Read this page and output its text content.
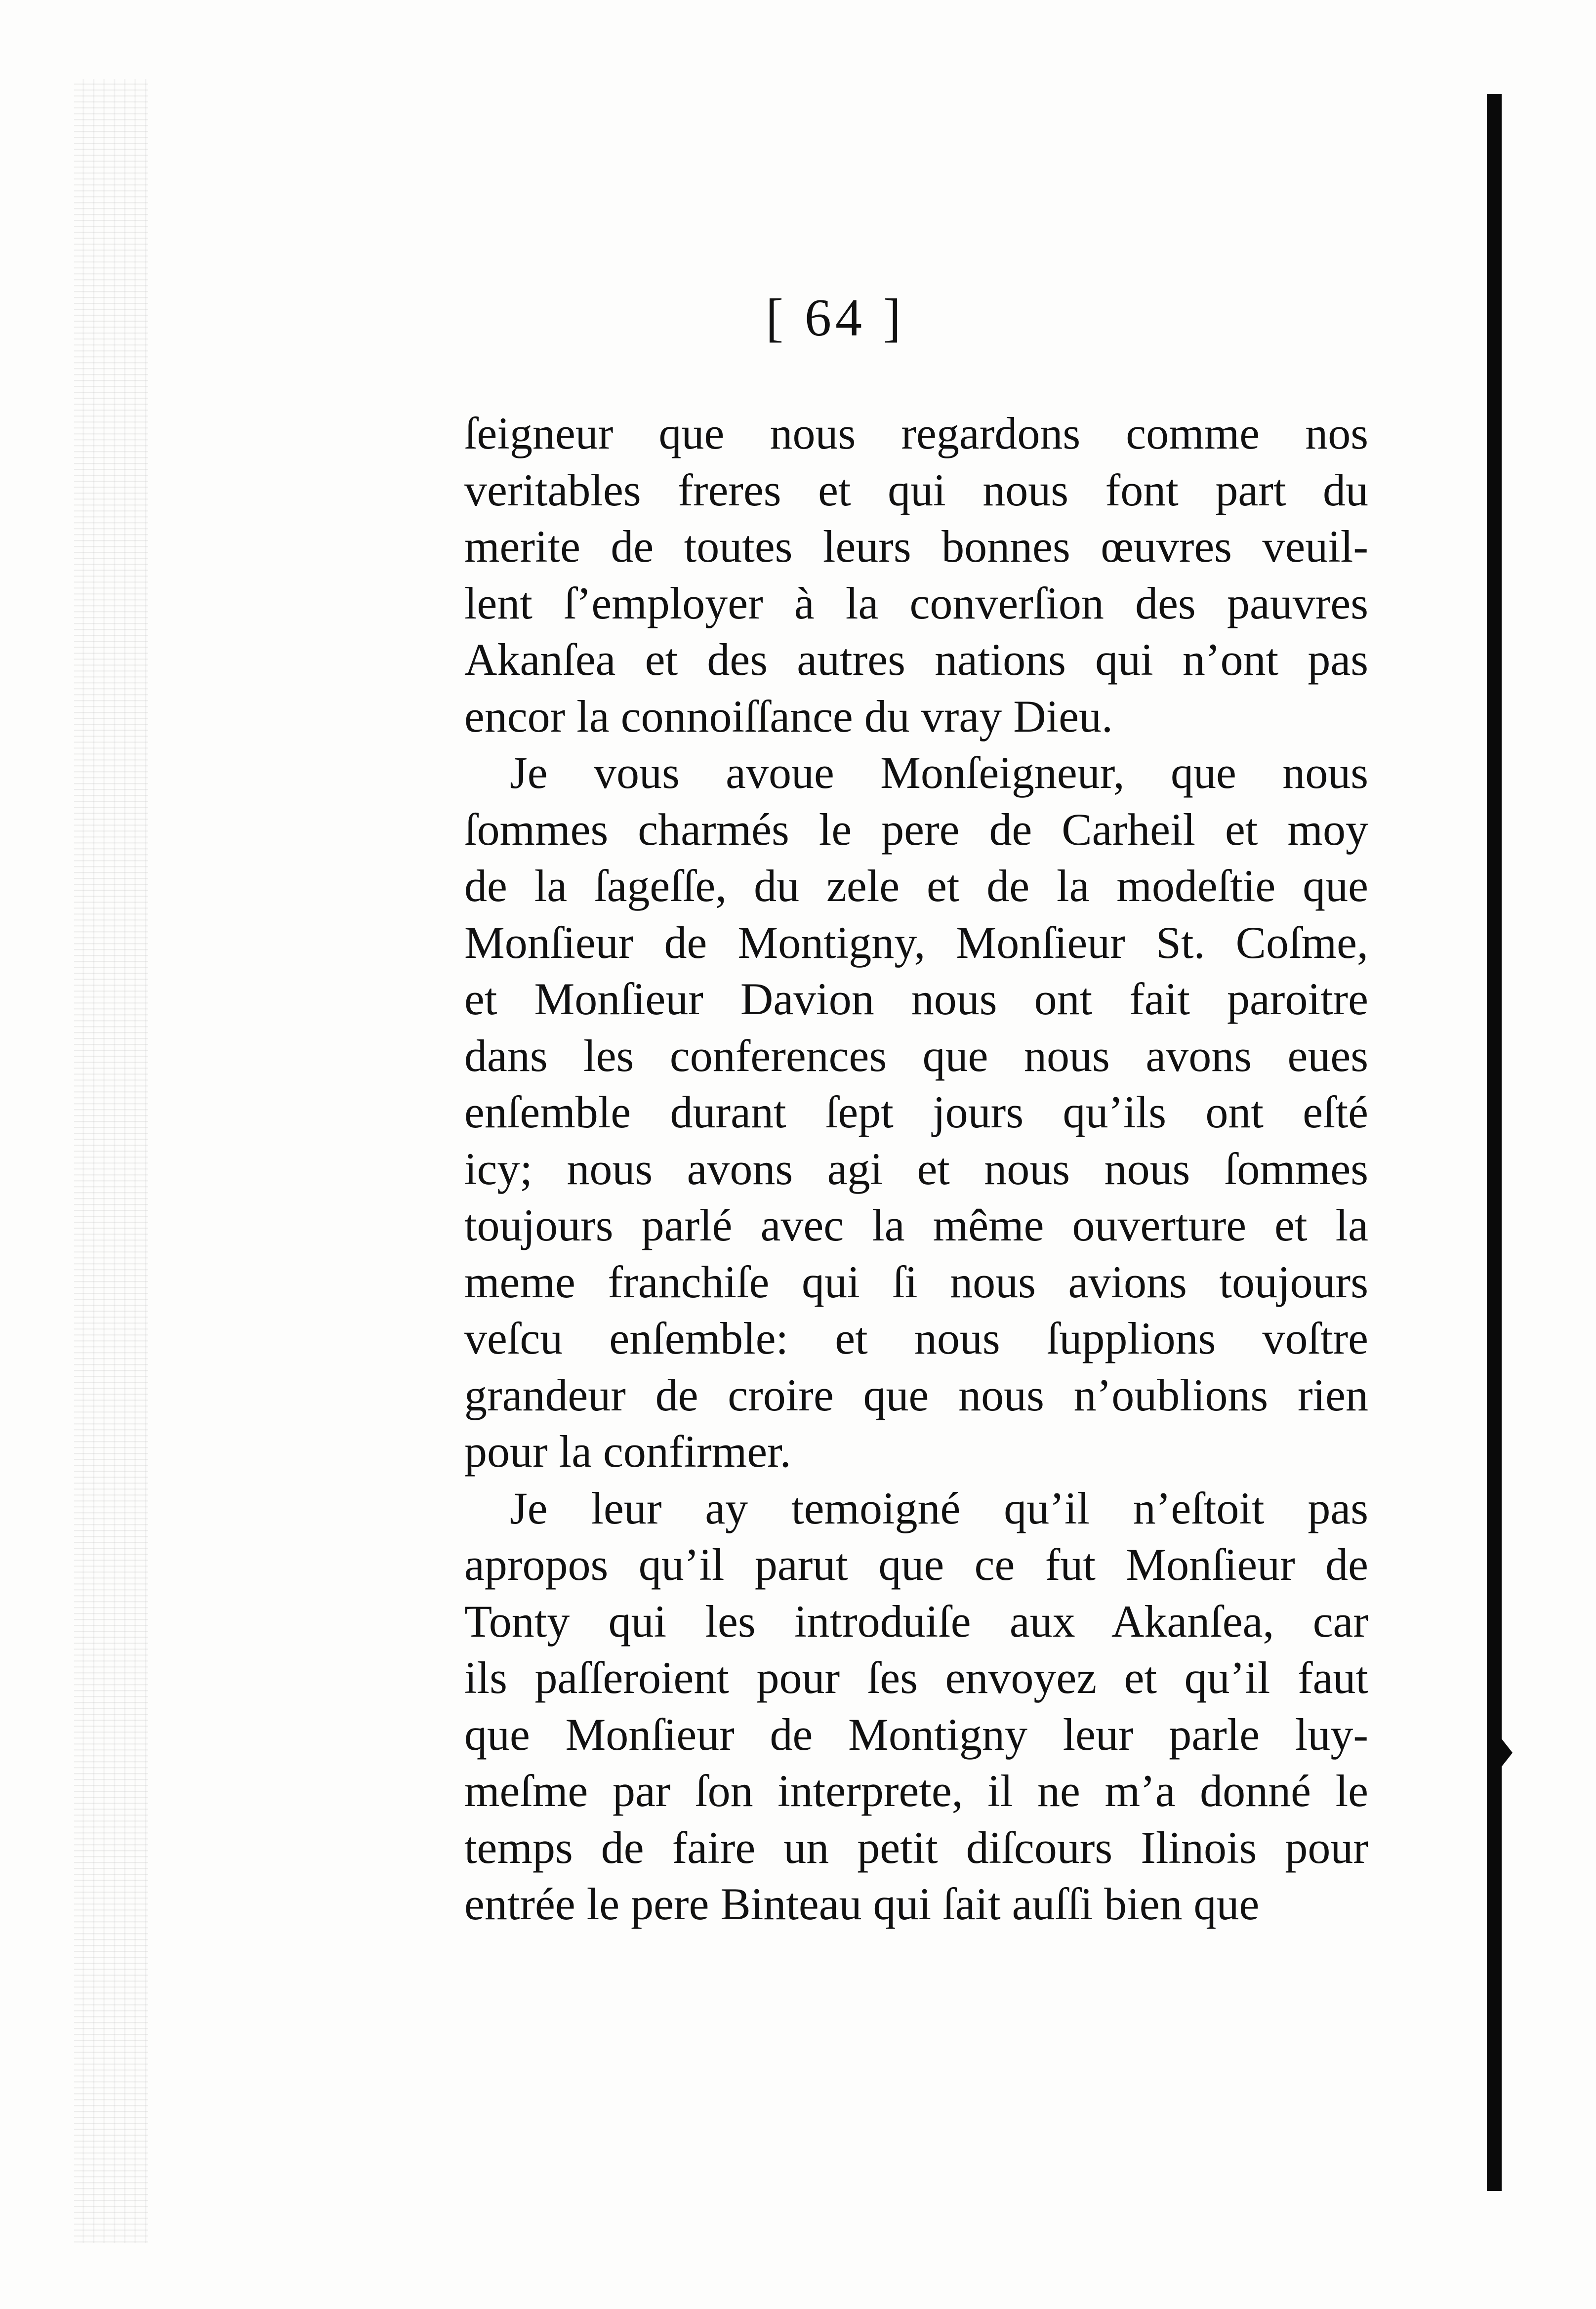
[ 64 ]
ſeigneur que nous regardons comme nos
veritables freres et qui nous font part du
merite de toutes leurs bonnes œuvres veuil-
lent ſ’employer à la converſion des pauvres
Akanſea et des autres nations qui n’ont pas
encor la connoiſſance du vray Dieu.
Je vous avoue Monſeigneur, que nous
ſommes charmés le pere de Carheil et moy
de la ſageſſe, du zele et de la modeſtie que
Monſieur de Montigny, Monſieur St. Coſme,
et Monſieur Davion nous ont fait paroitre
dans les conferences que nous avons eues
enſemble durant ſept jours qu’ils ont eſté
icy; nous avons agi et nous nous ſommes
toujours parlé avec la même ouverture et la
meme franchiſe qui ſi nous avions toujours
veſcu enſemble: et nous ſupplions voſtre
grandeur de croire que nous n’oublions rien
pour la confirmer.
Je leur ay temoigné qu’il n’eſtoit pas
apropos qu’il parut que ce fut Monſieur de
Tonty qui les introduiſe aux Akanſea, car
ils paſſeroient pour ſes envoyez et qu’il faut
que Monſieur de Montigny leur parle luy-
meſme par ſon interprete, il ne m’a donné le
temps de faire un petit diſcours Ilinois pour
entrée le pere Binteau qui ſait auſſi bien que
